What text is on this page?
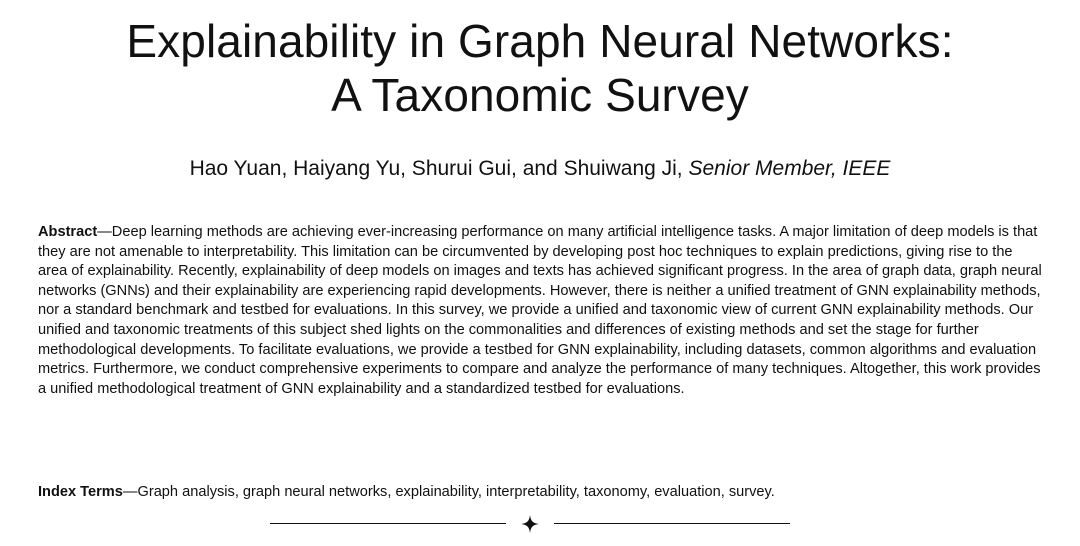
Explainability in Graph Neural Networks:
A Taxonomic Survey
Hao Yuan, Haiyang Yu, Shurui Gui, and Shuiwang Ji, Senior Member, IEEE

Abstract—Deep learning methods are achieving ever-increasing performance on many artificial intelligence tasks. A major limitation of deep models is that they are not amenable to interpretability. This limitation can be circumvented by developing post hoc techniques to explain predictions, giving rise to the area of explainability. Recently, explainability of deep models on images and texts has achieved significant progress. In the area of graph data, graph neural networks (GNNs) and their explainability are experiencing rapid developments. However, there is neither a unified treatment of GNN explainability methods, nor a standard benchmark and testbed for evaluations. In this survey, we provide a unified and taxonomic view of current GNN explainability methods. Our unified and taxonomic treatments of this subject shed lights on the commonalities and differences of existing methods and set the stage for further methodological developments. To facilitate evaluations, we provide a testbed for GNN explainability, including datasets, common algorithms and evaluation metrics. Furthermore, we conduct comprehensive experiments to compare and analyze the performance of many techniques. Altogether, this work provides a unified methodological treatment of GNN explainability and a standardized testbed for evaluations.

Index Terms—Graph analysis, graph neural networks, explainability, interpretability, taxonomy, evaluation, survey.
